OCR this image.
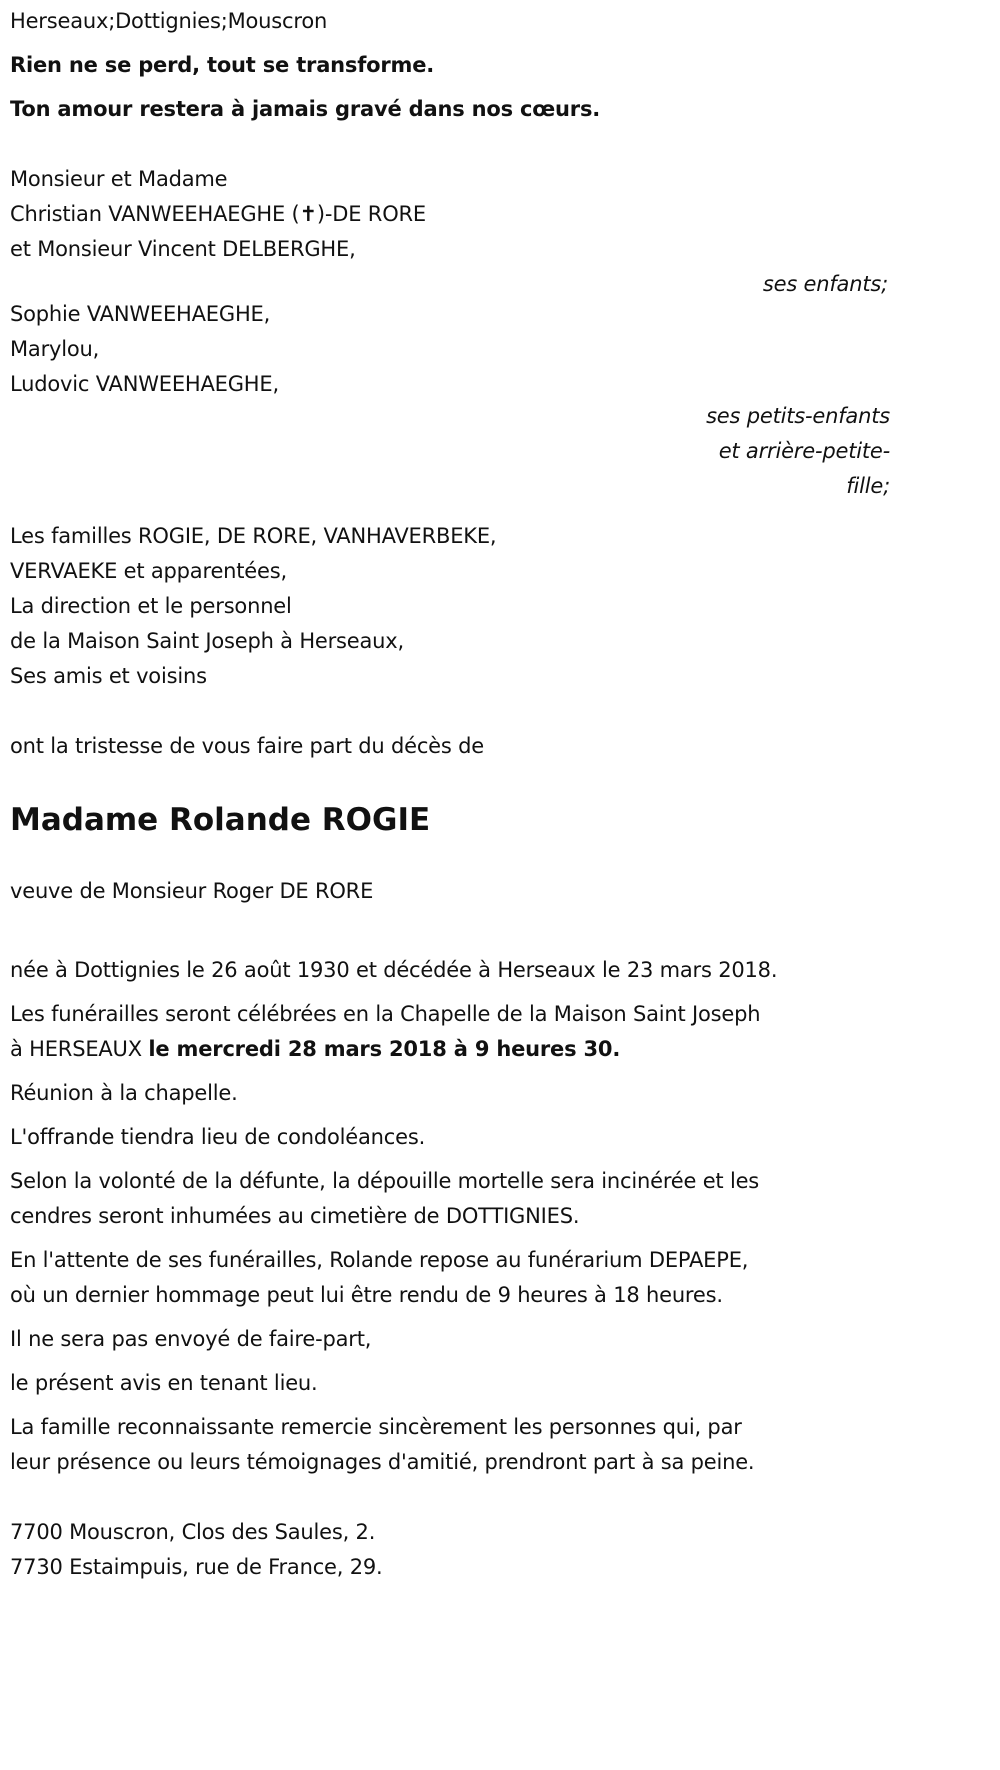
Herseaux;Dottignies;Mouscron

Rien ne se perd, tout se transforme.

Ton amour restera à jamais gravé dans nos cœurs.

Monsieur et Madame

Christian VANWEEHAEGHE (✝)-DE RORE

et Monsieur Vincent DELBERGHE,

ses enfants;

Sophie VANWEEHAEGHE,

Marylou,

Ludovic VANWEEHAEGHE,

ses petits-enfants
et arrière-petite-
fille;

Les familles ROGIE, DE RORE, VANHAVERBEKE,

VERVAEKE et apparentées,

La direction et le personnel

de la Maison Saint Joseph à Herseaux,

Ses amis et voisins

ont la tristesse de vous faire part du décès de

Madame Rolande ROGIE

veuve de Monsieur Roger DE RORE

née à Dottignies le 26 août 1930 et décédée à Herseaux le 23 mars 2018.

Les funérailles seront célébrées en la Chapelle de la Maison Saint Joseph

à HERSEAUX le mercredi 28 mars 2018 à 9 heures 30.

Réunion à la chapelle.

L'offrande tiendra lieu de condoléances.

Selon la volonté de la défunte, la dépouille mortelle sera incinérée et les

cendres seront inhumées au cimetière de DOTTIGNIES.

En l'attente de ses funérailles, Rolande repose au funérarium DEPAEPE,

où un dernier hommage peut lui être rendu de 9 heures à 18 heures.

Il ne sera pas envoyé de faire-part,

le présent avis en tenant lieu.

La famille reconnaissante remercie sincèrement les personnes qui, par

leur présence ou leurs témoignages d'amitié, prendront part à sa peine.

7700 Mouscron, Clos des Saules, 2.

7730 Estaimpuis, rue de France, 29.
